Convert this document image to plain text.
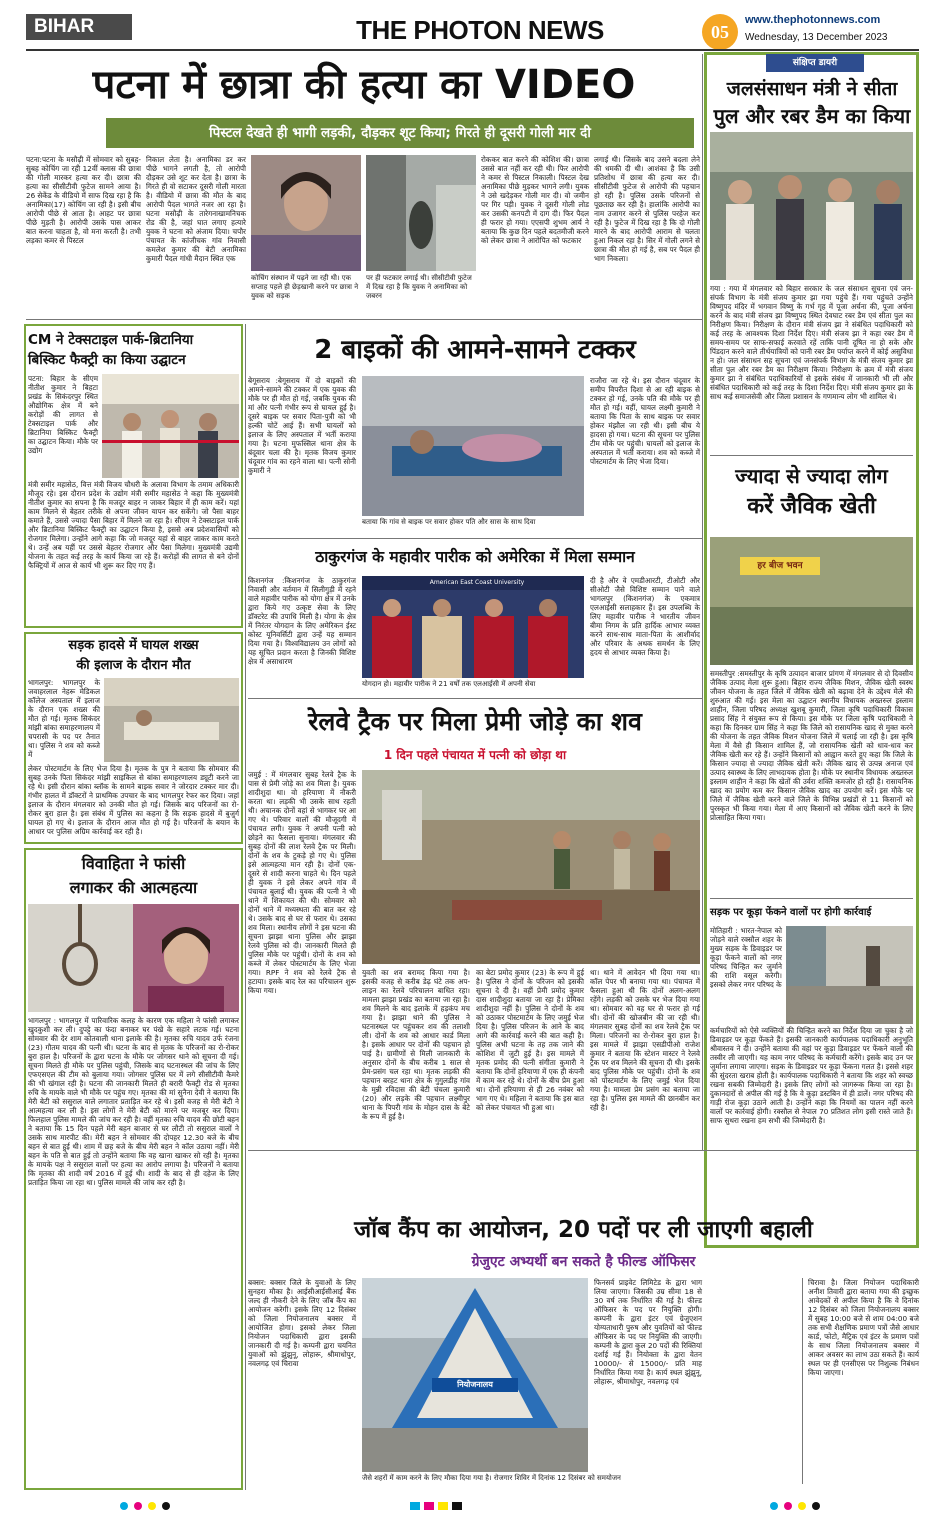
BIHAR	THE PHOTON NEWS	05
www.thephotonnews.com
Wednesday, 13 December 2023
पटना में छात्रा की हत्या का VIDEO
पिस्टल देखते ही भागी लड़की, दौड़कर शूट किया; गिरते ही दूसरी गोली मार दी
पटना:पटना के मसौढ़ी में सोमवार को सुबह-सुबह कोचिंग जा रही 12वीं क्लास की छात्रा की गोली मारकर हत्या कर दी। छात्रा की हत्या का सीसीटीवी फुटेज सामने आया है। 26 सेकेंड के वीडियो में साफ दिख रहा है कि अनामिका(17) कोचिंग जा रही है। इसी बीच आरोपी पीछे से आता है। आहट पर छात्रा पीछे मुड़ती है। आरोपी उसके पास आकर बात करना चाहता है, वो मना करती है। तभी लड़का कमर से पिस्टल
निकाल लेता है। अनामिका डर कर पीछे भागने लगती है, तो आरोपी दौड़कर उसे शूट कर देता है। छात्रा के गिरते ही वो सटाकर दूसरी गोली मारता है। वीडियो में छात्रा की मौत के बाद आरोपी पैदल भागते नजर आ रहा है। घटना मसौढ़ी के तारेगनाखामनिचक रोड की है, जहां घात लगाए हत्यारे युवक ने घटना को अंजाम दिया। चपौर पंचायत के कांजीचक गांव निवासी कमलेश कुमार की बेटी अनामिका कुमारी पैदल गांधी मैदान स्थित एक
कोचिंग संस्थान में पढ़ने जा रही थी। एक सप्ताह पहले ही छेड़खानी करने पर छात्रा ने युवक को सड़क
पर ही फटकार लगाई थी। सीसीटीवी फुटेज में दिख रहा है कि युवक ने अनामिका को जबरन
रोककर बात करने की कोशिश की। छात्रा उससे बात नहीं कर रही थी। फिर आरोपी ने कमर से पिस्टल निकाली। पिस्टल देख अनामिका पीछे मुड़कर भागने लगी। युवक ने उसे खदेड़कर गोली मार दी। वो जमीन पर गिर पड़ी। युवक ने दूसरी गोली लोड कर उसकी कनपटी में दाग दी। फिर पैदल ही फरार हो गया। एएसपी शुभम आर्य ने बताया कि कुछ दिन पहले बदतमीजी करने को लेकर छात्रा ने आरोपित को फटकार
लगाई थी। जिसके बाद उसने बदला लेने की धमकी दी थी। आशंका है कि उसी प्रतिशोध में छात्रा की हत्या कर दी। सीसीटीवी फुटेज से आरोपी की पहचान हो रही है। पुलिस उसके परिजनों से पूछताछ कर रही है। हालांकि आरोपी का नाम उजागर करने से पुलिस परहेज कर रही है। फुटेज में दिख रहा है कि दो गोली मारने के बाद आरोपी आराम से चलता हुआ निकल रहा है। सिर में गोली लगने से छात्रा की मौत हो गई है, सब पर पैदल ही भाग निकला।
संक्षिप्त डायरी
जलसंसाधन मंत्री ने सीता
पुल और रबर डैम का किया
गया : गया में मंगलवार को बिहार सरकार के जल संसाधन सूचना एवं जन-संपर्क विभाग के मंत्री संजय कुमार झा गया पहुंचे हैं। गया पहुंचते उन्होंने विष्णुपद मंदिर में भगवान विष्णु के गर्भ गृह में पूजा अर्चना की, पूजा अर्चना करने के बाद मंत्री संजय झा विष्णुपद स्थित देवघाट रबर डैम एवं सीता पुल का निरीक्षण किया। निरीक्षण के दौरान मंत्री संजय झा ने संबंधित पदाधिकारी को कई तरह के आवश्यक दिशा निर्देश दिए। मंत्री संजय झा ने कहा रबर डैम में समय-समय पर साफ-सफाई करवाते रहें ताकि पानी दूषित ना हो सके और पिंडदान करने वाले तीर्थयात्रियों को पानी रबर डैम पर्याप्त करने में कोई असुविधा न हो। जल संसाधन सह सूचना एवं जनसंपर्क विभाग के मंत्री संजय कुमार झा सीता पुल और रबर डैम का निरीक्षण किया। निरीक्षण के क्रम में मंत्री संजय कुमार झा ने संबंधित पदाधिकारियों से इसके संबंध में जानकारी भी ली और संबंधित पदाधिकारी को कई तरह के दिशा निर्देश दिए। मंत्री संजय कुमार झा के साथ कई समाजसेवी और जिला प्रशासन के गणमान्य लोग भी शामिल थे।
ज्यादा से ज्यादा लोग
करें जैविक खेती
हर बीज भवन
समस्तीपुर :समस्तीपुर के कृषि उत्पादन बाजार प्रांगण में मंगलवार से दो दिवसीय जैविक उत्पाद मेला शुरू हुआ। बिहार राज्य जैविक मिशन, जैविक खेती स्वस्थ जीवन योजना के तहत जिले में जैविक खेती को बढ़ावा देने के उद्देश्य मेले की शुरुआत की गई। इस मेला का उद्घाटन स्थानीय विधायक अख्तरुल इस्लाम शाहीन, जिला परिषद अध्यक्ष खुशबू कुमारी, जिला कृषि पदाधिकारी विकास प्रसाद सिंह ने संयुक्त रूप से किया। इस मौके पर जिला कृषि पदाधिकारी ने कहा कि दिनकर ग्राम सिंह ने कहा कि जिले को रासायनिक खाद से मुक्त करने की योजना के तहत जैविक मिशन योजना जिले में चलाई जा रही है। इस कृषि मेला में वैसे ही किसान शामिल हैं, जो रासायनिक खेती को धाव-धाव कर जैविक खेती कर रहे हैं। उन्होंने किसानों को आह्वान करते हुए कहा कि जिले के किसान ज्यादा से ज्यादा जैविक खेती करें। जैविक खाद से उत्पन्न अनाज एवं उत्पाद स्वास्थ्य के लिए लाभदायक होता है। मौके पर स्थानीय विधायक अख्तरुल इस्लाम शाहीन ने कहा कि खेतों की उर्वरा शक्ति कमजोर हो रही है। रासायनिक खाद का प्रयोग कम कर किसान जैविक खाद का उपयोग करें। इस मौके पर जिले में जैविक खेती करने वाले जिले के विभिन्न प्रखंडों से 11 किसानों को पुरस्कृत भी किया गया। मेला में आए किसानों को जैविक खेती करने के लिए प्रोत्साहित किया गया।
सड़क पर कूड़ा फेंकने वालों पर होगी कार्रवाई
मोतिहारी : भारत-नेपाल को जोड़ने वाले रक्सौल शहर के मुख्य सड़क के डिवाइडर पर कूड़ा फेंकने वालों को नगर परिषद चिन्हित कर जुर्माने की राशि वसूल करेगी। इसको लेकर नगर परिषद के
कर्मचारियों को ऐसे व्यक्तियों की चिन्हित करने का निर्देश दिया जा चुका है जो डिवाइडर पर कूड़ा फेंकते हैं। इसकी जानकारी कार्यपालक पदाधिकारी अनुभूति श्रीवास्तव ने दी। उन्होंने बताया की वहां पर कूड़ा डिवाइडर पर फेंकने वालों की तस्वीर ली जाएगी। यह काम नगर परिषद के कर्मचारी करेंगे। इसके बाद उन पर जुर्माना लगाया जाएगा। सड़क के डिवाइडर पर कूड़ा फेंकना गलत है। इससे शहर की सुंदरता खराब होती है। कार्यपालक पदाधिकारी ने बताया कि शहर को स्वच्छ रखना सबकी जिम्मेदारी है। इसके लिए लोगों को जागरूक किया जा रहा है। दुकानदारों से अपील की गई है कि वे कूड़ा डस्टबिन में ही डालें। नगर परिषद की गाड़ी रोज कूड़ा उठाने आती है। उन्होंने कहा कि नियमों का पालन नहीं करने वालों पर कार्रवाई होगी। रक्सौल से नेपाल 70 प्रतिशत लोग इसी रास्ते जाते हैं। साफ सुथरा रखना हम सभी की जिम्मेदारी है।
CM ने टेक्सटाइल पार्क-ब्रिटानिया
बिस्किट फैक्ट्री का किया उद्घाटन
पटना: बिहार के सीएम नीतीश कुमार ने बिहटा प्रखंड के सिकंदरपुर स्थित औद्योगिक क्षेत्र में बने करोड़ों की लागत से टेक्सटाइल पार्क और ब्रिटानिया बिस्किट फैक्ट्री का उद्घाटन किया। मौके पर उद्योग
मंत्री समीर महासेठ, वित्त मंत्री विजय चौधरी के अलावा विभाग के तमाम अधिकारी मौजूद रहे। इस दौरान प्रदेश के उद्योग मंत्री समीर महासेठ ने कहा कि मुख्यमंत्री नीतीश कुमार का सपना है कि मजदूर बाहर न जाकर बिहार में ही काम करें। यहां काम मिलने से बेहतर तरीके से अपना जीवन यापन कर सकेंगे। जो पैसा बाहर कमाते हैं, उससे ज्यादा पैसा बिहार में मिलने जा रहा है। सीएम ने टेक्सटाइल पार्क और ब्रिटानिया बिस्किट फैक्ट्री का उद्घाटन किया है, इससे अब प्रदेशवासियों को रोजगार मिलेगा। उन्होंने आगे कहा कि जो मजदूर यहां से बाहर जाकर काम करते थे। उन्हें अब यहीं पर उससे बेहतर रोजगार और पैसा मिलेगा। मुख्यमंत्री उद्यमी योजना के तहत कई तरह के कार्य किया जा रहे हैं। करोड़ों की लागत से बने दोनों फैक्ट्रियों में आज से कार्य भी शुरू कर दिए गए हैं।
सड़क हादसे में घायल शख्स
की इलाज के दौरान मौत
भागलपुर: भागलपुर के जवाहरलाल नेहरू मेडिकल कॉलेज अस्पताल में इलाज के दौरान एक शख्स की मौत हो गई। मृतक सिकंदर मांझी बांका समाहरणालय में चपरासी के पद पर तैनात था। पुलिस ने शव को कब्जे में
लेकर पोस्टमार्टम के लिए भेज दिया है। मृतक के पुत्र ने बताया कि सोमवार की सुबह उनके पिता सिकंदर मांझी साइकिल से बांका समाहरणालय ड्यूटी करने जा रहे थे। इसी दौरान बांका ब्लॉक के सामने बाइक सवार ने जोरदार टक्कर मार दी। गंभीर हालत में डॉक्टरों ने प्राथमिक उपचार के बाद भागलपुर रेफर कर दिया। जहां इलाज के दौरान मंगलवार को उनकी मौत हो गई। जिसके बाद परिजनों का रो-रोकर बुरा हाल है। इस संबंध में पुलिस का कहना है कि सड़क हादसे में बुजुर्ग घायल हो गए थे। इलाज के दौरान आज मौत हो गई है। परिजनों के बयान के आधार पर पुलिस अग्रिम कार्रवाई कर रही है।
विवाहिता ने फांसी
लगाकर की आत्महत्या
भागलपुर : भागलपुर में पारिवारिक कलह के कारण एक महिला ने फांसी लगाकर खुदकुशी कर ली। दुपट्टे का फंदा बनाकर घर पंखे के सहारे लटक गई। घटना सोमवार की देर शाम कोतवाली थाना इलाके की है। मृतका रुचि यादव उर्फ रंजना (23) गौतम यादव की पत्नी थी। घटना के बाद से मृतक के परिजनों का रो-रोकर बुरा हाल है। परिजनों के द्वारा घटना के मौके पर जोगसर थाने को सूचना दी गई। सूचना मिलते ही मौके पर पुलिस पहुंची, जिसके बाद घटनास्थल की जांच के लिए एफएसएल की टीम को बुलाया गया। जोगसर पुलिस घर में लगे सीसीटीवी कैमरे की भी खंगाल रही है। घटना की जानकारी मिलते ही बरारी फैक्ट्री रोड से मृतका रुचि के मायके वाले भी मौके पर पहुंच गए। मृतका की मां सुनैना देवी ने बताया कि मेरी बेटी को ससुराल वाले लगातार प्रताड़ित कर रहे थे। इसी वजह से मेरी बेटी ने आत्महत्या कर ली है। इस लोगों ने मेरी बेटी को मारने पर मजबूर कर दिया। फिलहाल पुलिस मामले की जांच कर रही है। वहीं मृतका रुचि यादव की छोटी बहन ने बताया कि 15 दिन पहले मेरी बहन बाजार से घर लौटी तो ससुराल वालों ने उसके साथ मारपीट की। मेरी बहन ने सोमवार की दोपहर 12.30 बजे के बीच बहन से बात हुई थी। शाम में छह बजे के बीच मेरी बहन ने कॉल उठाया नहीं। मेरी बहन के पति से बात हुई तो उन्होंने बताया कि वह खाना खाकर सो रही है। मृतका के मायके पक्ष ने ससुराल वालों पर हत्या का आरोप लगाया है। परिजनों ने बताया कि मृतका की शादी वर्ष 2016 में हुई थी। शादी के बाद से ही दहेज के लिए प्रताड़ित किया जा रहा था। पुलिस मामले की जांच कर रही है।
2 बाइकों की आमने-सामने टक्कर
बेगूसराय :बेगूसराय में दो बाइकों की आमने-सामने की टक्कर में एक युवक की मौके पर ही मौत हो गई, जबकि युवक की मां और पत्नी गंभीर रूप से घायल हुई है। दूसरे बाइक पर सवार पिता-पुत्री को भी हल्की चोटें आई हैं। सभी घायलों को इलाज के लिए अस्पताल में भर्ती कराया गया है। घटना मुफस्सिल थाना क्षेत्र के बंदूवार चला की है। मृतक विजय कुमार चंदूवार गांव का रहने वाला था। पत्नी सोनी कुमारी ने
बताया कि गांव से बाइक पर सवार होकर पति और सास के साथ दिवा
राजौरा जा रहे थे। इस दौरान चंदूवार के समीप विपरीत दिशा से आ रही बाइक से टक्कर हो गई, उनके पति की मौके पर ही मौत हो गई। वहीं, घायल लक्ष्मी कुमारी ने बताया कि पिता के साथ बाइक पर सवार होकर मंझौल जा रही थी। इसी बीच ये हादसा हो गया। घटना की सूचना पर पुलिस टीम मौके पर पहुंची। घायलों को इलाज के अस्पताल में भर्ती कराया। शव को कब्जे में पोस्टमार्टम के लिए भेजा दिया।
ठाकुरगंज के महावीर पारीक को अमेरिका में मिला सम्मान
किशनगंज :किशनगंज के ठाकुरगंज निवासी और वर्तमान में सिलीगुड़ी में रहने वाले महावीर पारीक को योगा क्षेत्र में उनके द्वारा किये गए उत्कृष्ट सेवा के लिए डॉक्टरेट की उपाधि मिली है। योगा के क्षेत्र में निरंतर योगदान के लिए अमेरिकन ईस्ट कोस्ट यूनिवर्सिटी द्वारा उन्हें यह सम्मान दिया गया है। विश्वविद्यालय उन लोगों को यह सूचित प्रदान करता है जिनकी विशिष्ट क्षेत्र में असाधारण
American East Coast University
योगदान हो। महावीर पारीक ने 21 वर्षों तक एलआईसी में अपनी सेवा
दी है और वे एमडीआरटी, टीओटी और सीओटी जैसे विशिष्ट सम्मान पाने वाले भागलपुर (किशनगंज) के एकमात्र एलआईसी सलाहकार हैं। इस उपलब्धि के लिए महावीर पारीक ने भारतीय जीवन बीमा निगम के प्रति हार्दिक आभार व्यक्त करने साथ-साथ माता-पिता के आशीर्वाद और परिवार के अथक समर्थन के लिए हृदय से आभार व्यक्त किया है।
रेलवे ट्रैक पर मिला प्रेमी जोड़े का शव
1 दिन पहले पंचायत में पत्नी को छोड़ा था
जमुई : में मंगलवार सुबह रेलवे ट्रैक के पास से प्रेमी जोड़े का शव मिला है। युवक शादीशुदा था। वो हरियाणा में नौकरी करता था। लड़की भी उसके साथ रहती थी। अचानक दोनों वहां से भागकर घर आ गए थे। परिवार वालों की मौजूदगी में पंचायत लगी। युवक ने अपनी पत्नी को छोड़ने का फैसला सुनाया। मंगलवार की सुबह दोनों की लाश रेलवे ट्रैक पर मिली। दोनों के शव के टुकड़े हो गए थे। पुलिस इसे आत्महत्या मान रही है। दोनों एक-दूसरे से शादी करना चाहते थे। दिन पहले ही युवक ने इसे लेकर अपने गांव में पंचायत बुलाई थी। युवक की पत्नी ने भी थाने में शिकायत की थी। सोमवार को दोनों थाने में मध्यस्थता की बात कर रहे थे। उसके बाद से घर से फरार थे। उसका शव मिला। स्थानीय लोगों ने इस घटना की सूचना झाझा थाना पुलिस और झाझा रेलवे पुलिस को दी। जानकारी मिलते ही पुलिस मौके पर पहुंची। दोनों के शव को कब्जे में लेकर पोस्टमार्टम के लिए भेजा गया। RPF ने शव को रेलवे ट्रैक से हटाया। इसके बाद रेल का परिचालन शुरू किया गया।
युवती का शव बरामद किया गया है। इसकी वजह से करीब डेढ़ घंटे तक अप-लाइन का रेलवे परिचालन बाधित रहा। मामला झाझा प्रखंड का बताया जा रहा है। शव मिलने के बाद इलाके में हड़कंप मच गया है। झाझा थाने की पुलिस ने घटनास्थल पर पहुंचकर शव की तलाशी ली। दोनों के शव को आधार कार्ड मिला है। इसके आधार पर दोनों की पहचान हो पाई है। ग्रामीणों से मिली जानकारी के अनुसार दोनों के बीच करीब 1 साल से प्रेम-प्रसंग चल रहा था। मृतक लड़की की पहचान बरहट थाना क्षेत्र के गुगुलडीह गांव के मुन्नी रविदास की बेटी चंचला कुमारी (20) और लड़के की पहचान लक्ष्मीपुर थाना के पिपरी गांव के मोहन दास के बेटे के रूप में हुई है।
का बेटा प्रमोद कुमार (23) के रूप में हुई है। पुलिस ने दोनों के परिजन को इसकी सूचना दे दी है। वहीं प्रेमी प्रमोद कुमार दास शादीशुदा बताया जा रहा है। प्रेमिका शादीशुदा नहीं है। पुलिस ने दोनों के शव को उठाकर पोस्टमार्टम के लिए जमुई भेज दिया है। पुलिस परिजन के आने के बाद आगे की कार्रवाई करने की बात कही है। पुलिस अभी घटना के तह तक जाने की कोशिश में जुटी हुई है। इस मामले में मृतक प्रमोद की पत्नी संगीता कुमारी ने बताया कि दोनों हरियाणा में एक ही कंपनी में काम कर रहे थे। दोनों के बीच प्रेम हुआ था। दोनों हरियाणा से ही 26 नवंबर को भाग गए थे। महिला ने बताया कि इस बात को लेकर पंचायत भी हुआ था।
था। थाने में आवेदन भी दिया गया था। कॉल पेपर भी बनाया गया था। पंचायत में फैसला हुआ थी कि दोनों अलग-अलग रहेंगे। लड़की को उसके घर भेज दिया गया था। सोमवार को वह घर से फरार हो गई थी। दोनों की खोजबीन की जा रही थी। मंगलवार सुबह दोनों का शव रेलवे ट्रैक पर मिला। परिजनों का रो-रोकर बुरा हाल है। इस मामले में झाझा एसडीपीओ राजेश कुमार ने बताया कि स्टेशन मास्टर ने रेलवे ट्रैक पर शव मिलने की सूचना दी थी। इसके बाद पुलिस मौके पर पहुंची। दोनों के शव को पोस्टमार्टम के लिए जमुई भेज दिया गया है। मामला प्रेम प्रसंग का बताया जा रहा है। पुलिस इस मामले की छानबीन कर रही है।
जॉब कैंप का आयोजन, 20 पदों पर ली जाएगी बहाली
ग्रेजुएट अभ्यर्थी बन सकते है फील्ड ऑफिसर
बक्सर: बक्सर जिले के युवाओं के लिए सुनहरा मौका है। आईसीआईसीआई बैंक जल्द ही नौकरी देने के लिए जॉब कैंप का आयोजन करेगी। इसके लिए 12 दिसंबर को जिला नियोजनालय बक्सर में आयोजित होगा। इसको लेकर जिला नियोजन पदाधिकारी द्वारा इसकी जानकारी दी गई है। कम्पनी द्वारा चयनित युवाओं को झुंझुनू, लोहारू, श्रीमाधोपुर, नवलगढ़ एवं चिरावा
नियोजनालय
जैसे शहरों में काम करने के लिए मौका दिया गया है। रोजगार शिविर में दिनांक 12 दिसंबर को समयोजन
फिनसर्व प्राइवेट लिमिटेड के द्वारा भाग लिया जाएगा। जिसकी उम्र सीमा 18 से 30 वर्ष तक निर्धारित की गई है। फील्ड ऑफिसर के पद पर नियुक्ति होगी। कम्पनी के द्वारा इंटर एवं ग्रेजुएशन योग्यताधारी पुरुष और युवतियों को फील्ड ऑफिसर के पद पर नियुक्ति की जाएगी। कम्पनी के द्वारा कुल 20 पदों की रिक्तियां दर्शाई गई हैं। नियोक्ता के द्वारा वेतन 10000/- से 15000/- प्रति माह निर्धारित किया गया है। कार्य स्थल झुंझुनू, लोहारू, श्रीमाधोपुर, नवलगढ़ एवं
चिरावा है। जिला नियोजन पदाधिकारी अनीश तिवारी द्वारा बताया गया की इच्छुक आवेदकों से अपील किया है कि वे दिनांक 12 दिसंबर को जिला नियोजनालय बक्सर में सुबह 10:00 बजे से शाम 04:00 बजे तक सभी शैक्षणिक प्रमाण पत्रों जैसे आधार कार्ड, फोटो, मैट्रिक एवं इंटर के प्रमाण पत्रों के साथ जिला नियोजनालय बक्सर में आकर अवसर का लाभ उठा सकते हैं। कार्य स्थल पर ही एनसीएस पर निशुल्क निबंधन किया जाएगा।
